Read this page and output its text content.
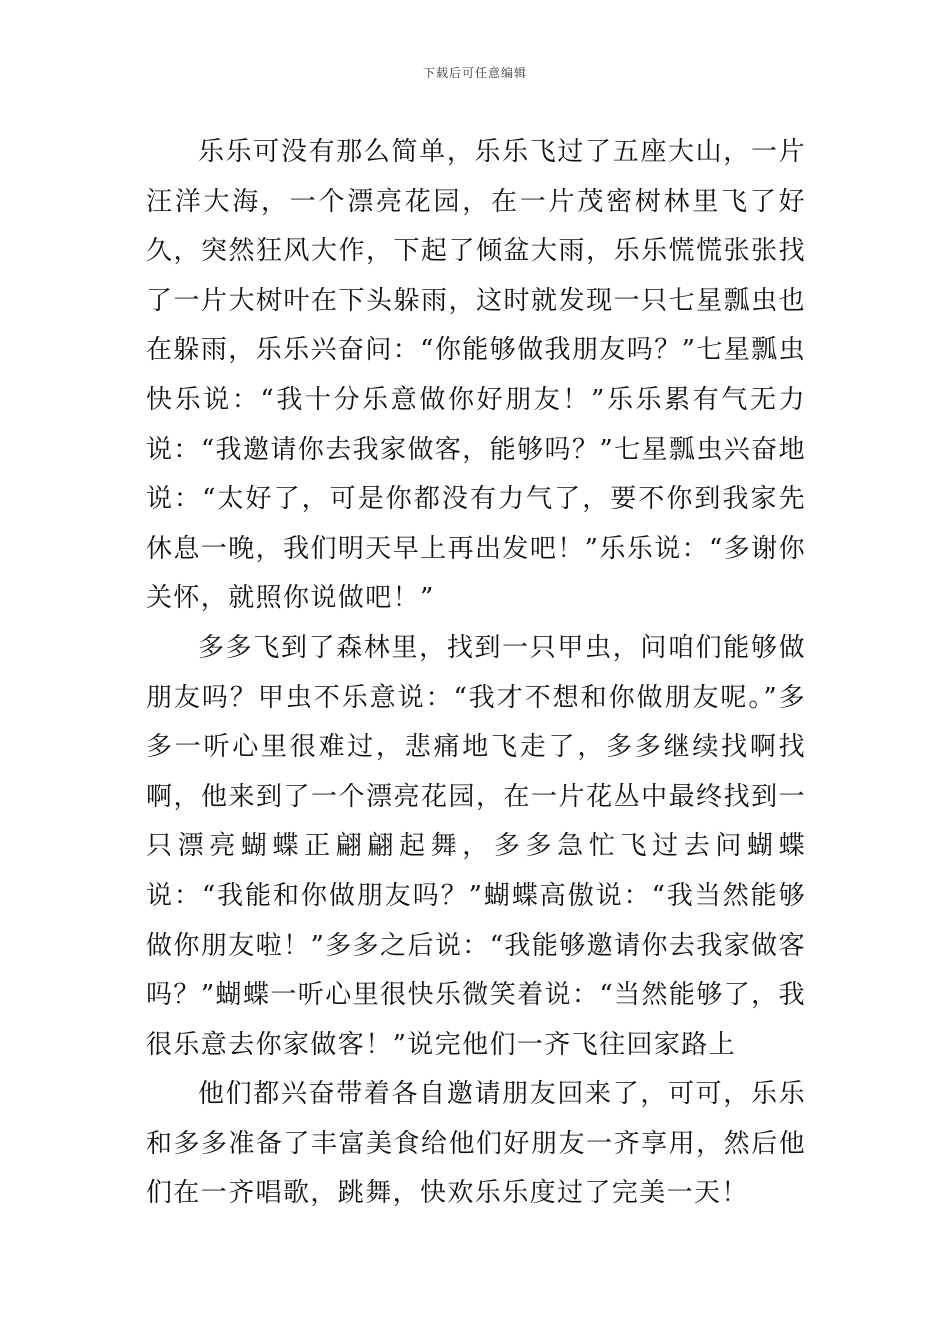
下载后可任意编辑

乐乐可没有那么简单，乐乐飞过了五座大山，一片汪洋大海，一个漂亮花园，在一片茂密树林里飞了好久，突然狂风大作，下起了倾盆大雨，乐乐慌慌张张找了一片大树叶在下头躲雨，这时就发现一只七星瓢虫也在躲雨，乐乐兴奋问：“你能够做我朋友吗？”七星瓢虫快乐说：“我十分乐意做你好朋友！”乐乐累有气无力说：“我邀请你去我家做客，能够吗？”七星瓢虫兴奋地说：“太好了，可是你都没有力气了，要不你到我家先休息一晚，我们明天早上再出发吧！”乐乐说：“多谢你关怀，就照你说做吧！”

多多飞到了森林里，找到一只甲虫，问咱们能够做朋友吗？甲虫不乐意说：“我才不想和你做朋友呢。”多多一听心里很难过，悲痛地飞走了，多多继续找啊找啊，他来到了一个漂亮花园，在一片花丛中最终找到一只漂亮蝴蝶正翩翩起舞，多多急忙飞过去问蝴蝶说：“我能和你做朋友吗？”蝴蝶高傲说：“我当然能够做你朋友啦！”多多之后说：“我能够邀请你去我家做客吗？”蝴蝶一听心里很快乐微笑着说：“当然能够了，我很乐意去你家做客！”说完他们一齐飞往回家路上

他们都兴奋带着各自邀请朋友回来了，可可，乐乐和多多准备了丰富美食给他们好朋友一齐享用，然后他们在一齐唱歌，跳舞，快欢乐乐度过了完美一天！
